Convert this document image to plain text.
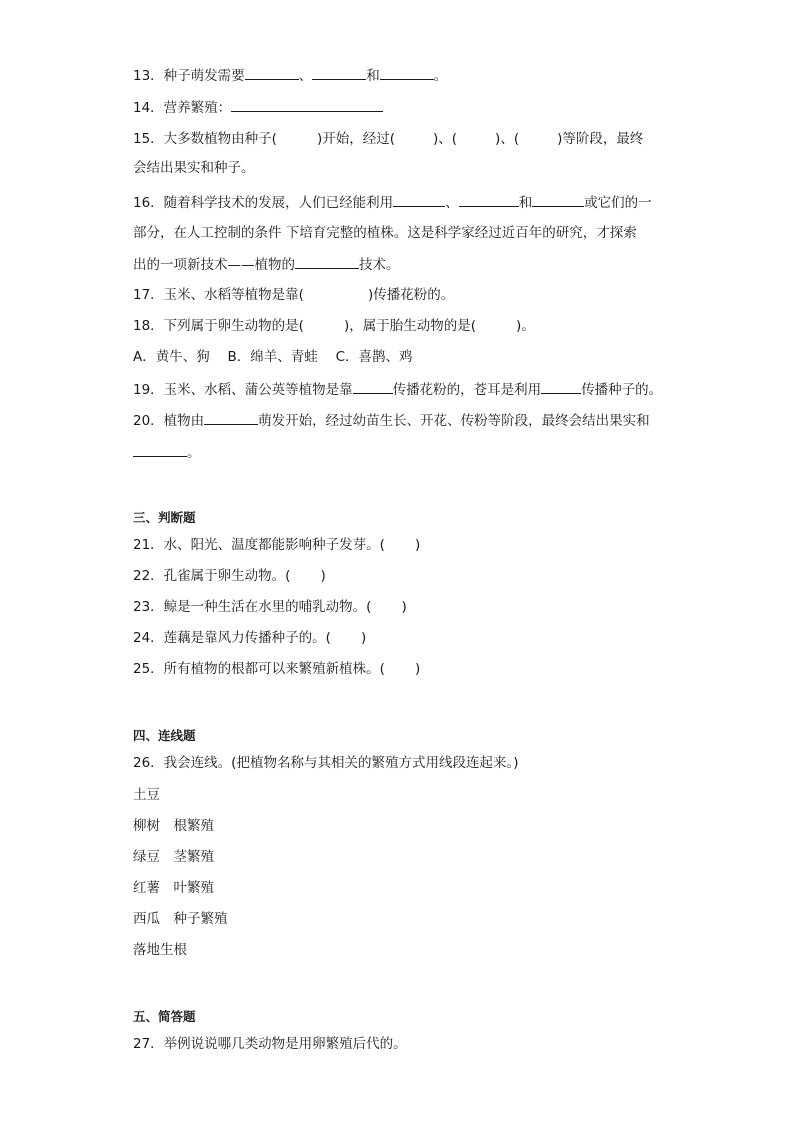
13．种子萌发需要	、	和	。
14．营养繁殖：
15．大多数植物由种子(	)开始，经过(	)、(	)、(	)等阶段，最终
会结出果实和种子。
16．随着科学技术的发展，人们已经能利用	、	和	或它们的一
部分，在人工控制的条件 下培育完整的植株。这是科学家经过近百年的研究，才探索
出的一项新技术——植物的	技术。
17．玉米、水稻等植物是靠(	)传播花粉的。
18．下列属于卵生动物的是(	)，属于胎生动物的是(	)。
A．黄牛、狗　 B．绵羊、青蛙　 C．喜鹊、鸡
19．玉米、水稻、蒲公英等植物是靠	传播花粉的，苍耳是利用	传播种子的。
20．植物由	萌发开始，经过幼苗生长、开花、传粉等阶段，最终会结出果实和
。
三、判断题
21．水、阳光、温度都能影响种子发芽。( )
22．孔雀属于卵生动物。( )
23．鲸是一种生活在水里的哺乳动物。( )
24．莲藕是靠风力传播种子的。( )
25．所有植物的根都可以来繁殖新植株。( )
四、连线题
26．我会连线。(把植物名称与其相关的繁殖方式用线段连起来。)
土豆
柳树　根繁殖
绿豆　茎繁殖
红薯　叶繁殖
西瓜　种子繁殖
落地生根
五、简答题
27．举例说说哪几类动物是用卵繁殖后代的。
